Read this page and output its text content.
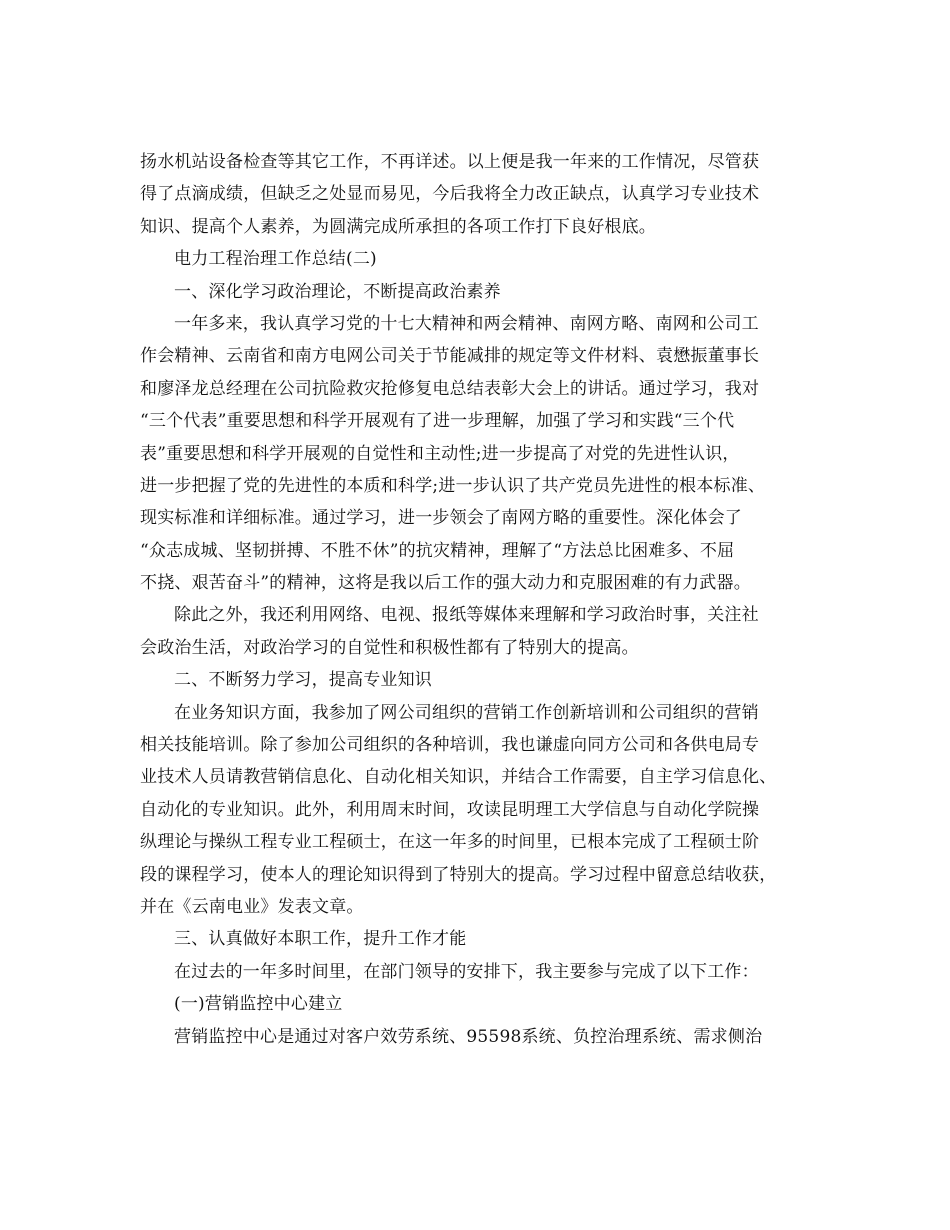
扬水机站设备检查等其它工作，不再详述。以上便是我一年来的工作情况，尽管获
得了点滴成绩，但缺乏之处显而易见，今后我将全力改正缺点，认真学习专业技术
知识、提高个人素养，为圆满完成所承担的各项工作打下良好根底。
电力工程治理工作总结(二)
一、深化学习政治理论，不断提高政治素养
一年多来，我认真学习党的十七大精神和两会精神、南网方略、南网和公司工
作会精神、云南省和南方电网公司关于节能减排的规定等文件材料、袁懋振董事长
和廖泽龙总经理在公司抗险救灾抢修复电总结表彰大会上的讲话。通过学习，我对
“三个代表”重要思想和科学开展观有了进一步理解，加强了学习和实践“三个代
表”重要思想和科学开展观的自觉性和主动性;进一步提高了对党的先进性认识，
进一步把握了党的先进性的本质和科学;进一步认识了共产党员先进性的根本标准、
现实标准和详细标准。通过学习，进一步领会了南网方略的重要性。深化体会了
“众志成城、坚韧拼搏、不胜不休”的抗灾精神，理解了“方法总比困难多、不屈
不挠、艰苦奋斗”的精神，这将是我以后工作的强大动力和克服困难的有力武器。
除此之外，我还利用网络、电视、报纸等媒体来理解和学习政治时事，关注社
会政治生活，对政治学习的自觉性和积极性都有了特别大的提高。
二、不断努力学习，提高专业知识
在业务知识方面，我参加了网公司组织的营销工作创新培训和公司组织的营销
相关技能培训。除了参加公司组织的各种培训，我也谦虚向同方公司和各供电局专
业技术人员请教营销信息化、自动化相关知识，并结合工作需要，自主学习信息化、
自动化的专业知识。此外，利用周末时间，攻读昆明理工大学信息与自动化学院操
纵理论与操纵工程专业工程硕士，在这一年多的时间里，已根本完成了工程硕士阶
段的课程学习，使本人的理论知识得到了特别大的提高。学习过程中留意总结收获，
并在《云南电业》发表文章。
三、认真做好本职工作，提升工作才能
在过去的一年多时间里，在部门领导的安排下，我主要参与完成了以下工作：
(一)营销监控中心建立
营销监控中心是通过对客户效劳系统、95598系统、负控治理系统、需求侧治
